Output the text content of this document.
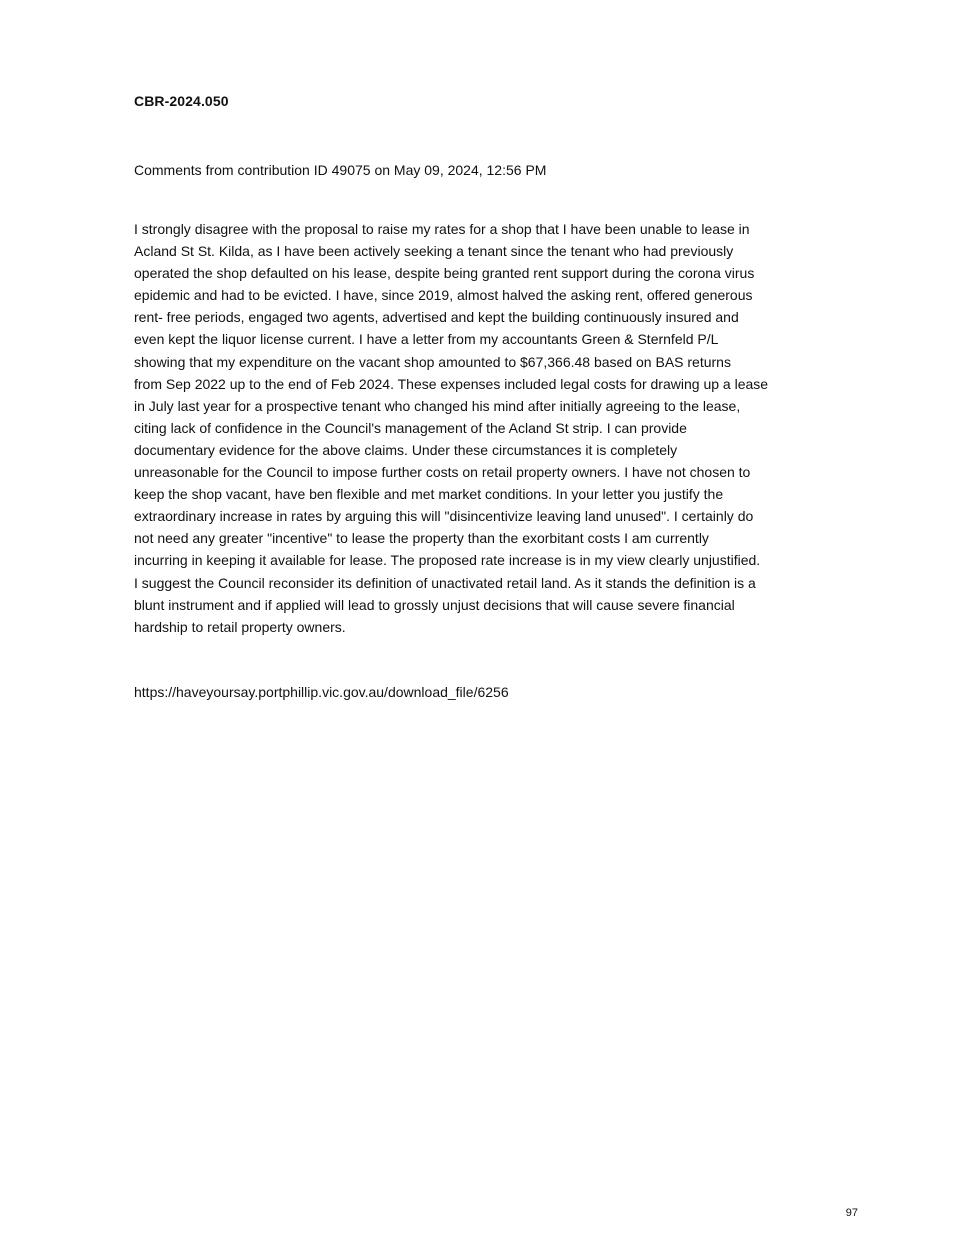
CBR-2024.050
Comments from contribution ID 49075 on May 09, 2024, 12:56 PM
I strongly disagree with the proposal to raise my rates for a shop that I have been unable to lease in
Acland St St. Kilda, as I have been actively seeking a tenant since the tenant who had previously
operated the shop defaulted on his lease, despite being granted rent support during the corona virus
epidemic and had to be evicted. I have, since 2019, almost halved the asking rent, offered generous
rent- free periods, engaged two agents, advertised and kept the building continuously insured and
even kept the liquor license current. I have a letter from my accountants Green & Sternfeld P/L
showing that my expenditure on the vacant shop amounted to $67,366.48 based on BAS returns
from Sep 2022 up to the end of Feb 2024. These expenses included legal costs for drawing up a lease
in July last year for a prospective tenant who changed his mind after initially agreeing to the lease,
citing lack of confidence in the Council's management of the Acland St strip. I can provide
documentary evidence for the above claims. Under these circumstances it is completely
unreasonable for the Council to impose further costs on retail property owners. I have not chosen to
keep the shop vacant, have ben flexible and met market conditions. In your letter you justify the
extraordinary increase in rates by arguing this will "disincentivize leaving land unused". I certainly do
not need any greater "incentive" to lease the property than the exorbitant costs I am currently
incurring in keeping it available for lease. The proposed rate increase is in my view clearly unjustified.
I suggest the Council reconsider its definition of unactivated retail land. As it stands the definition is a
blunt instrument and if applied will lead to grossly unjust decisions that will cause severe financial
hardship to retail property owners.
https://haveyoursay.portphillip.vic.gov.au/download_file/6256
97
